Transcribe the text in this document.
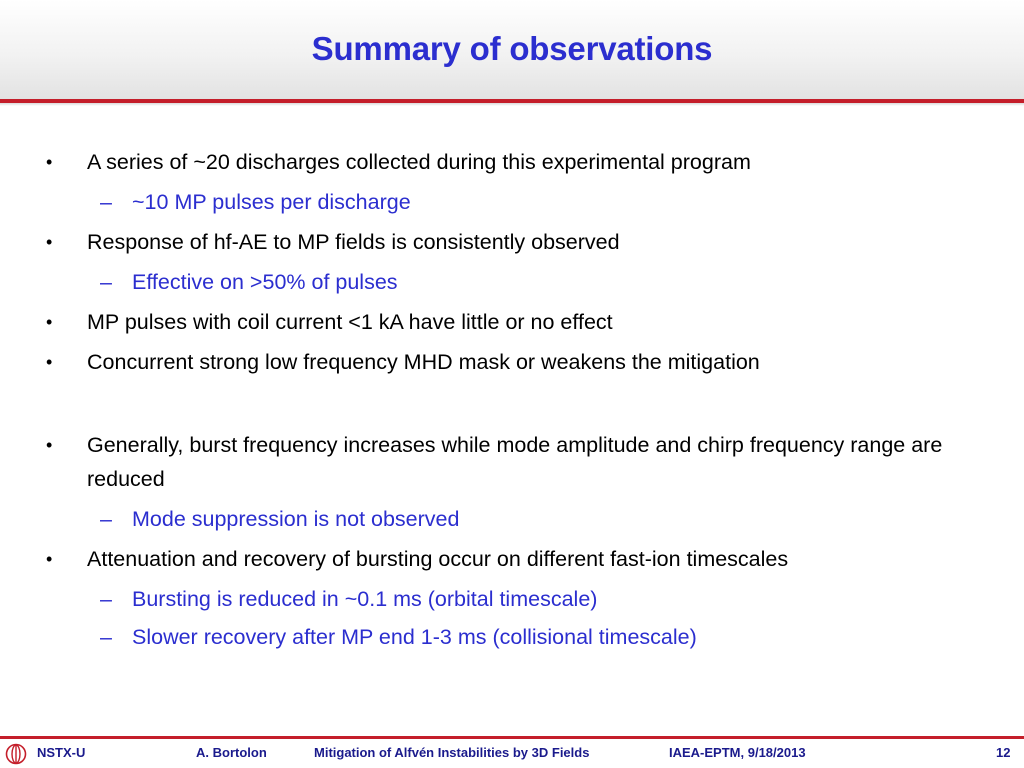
Summary of observations
• A series of ~20 discharges collected during this experimental program
– ~10 MP pulses per discharge
• Response of hf-AE to MP fields is consistently observed
– Effective on >50% of pulses
• MP pulses with coil current <1 kA have little or no effect
• Concurrent strong low frequency MHD mask or weakens the mitigation
• Generally, burst frequency increases while mode amplitude and chirp frequency range are reduced
– Mode suppression is not observed
• Attenuation and recovery of bursting occur on different fast-ion timescales
– Bursting is reduced in ~0.1 ms (orbital timescale)
– Slower recovery after MP end 1-3 ms (collisional timescale)
NSTX-U	A. Bortolon	Mitigation of Alfvén Instabilities by 3D Fields	IAEA-EPTM, 9/18/2013	12
